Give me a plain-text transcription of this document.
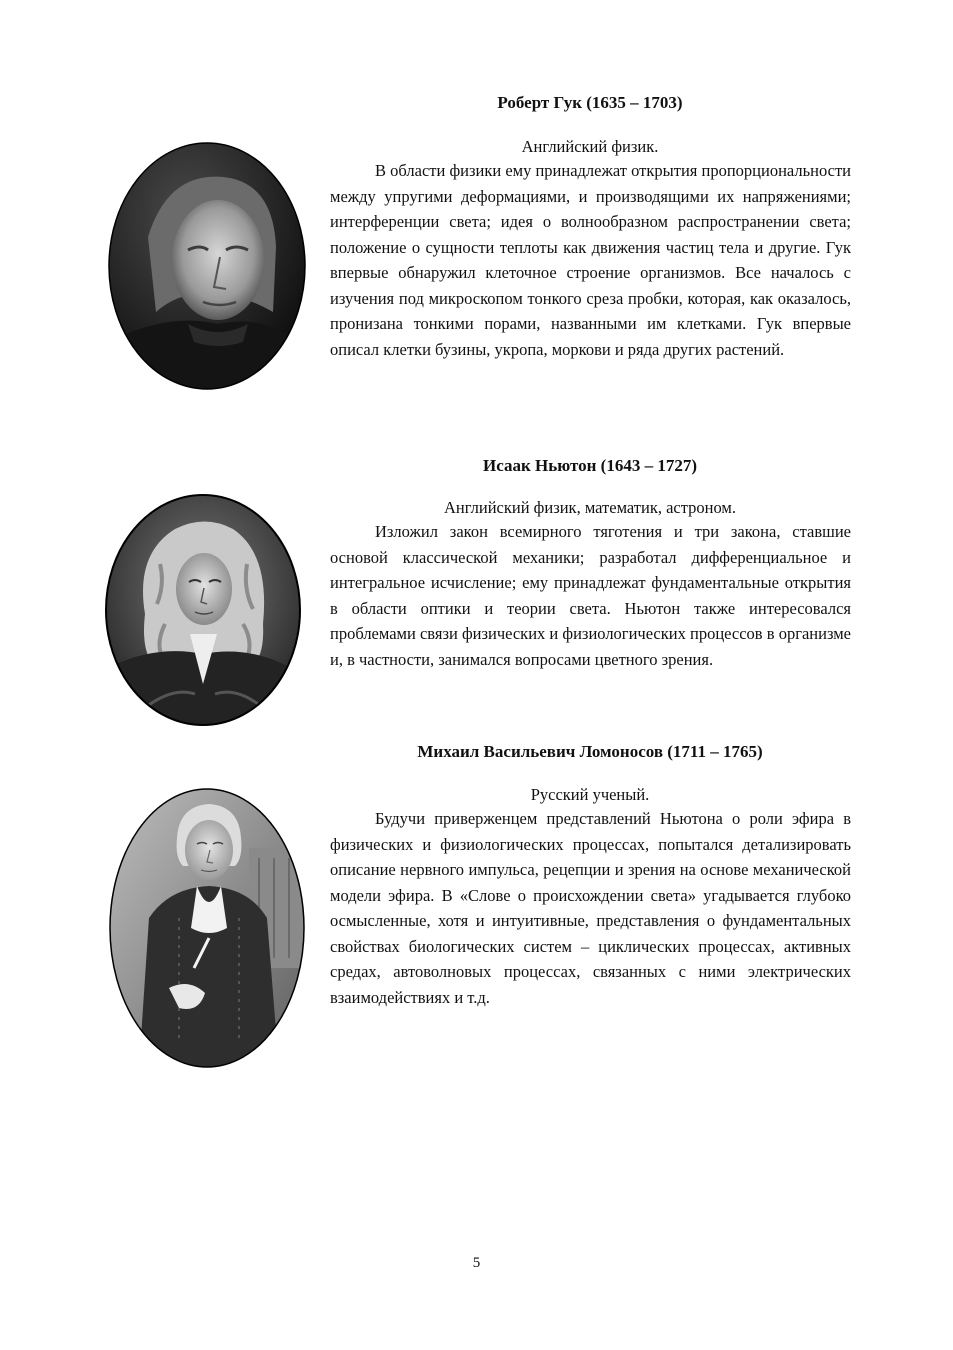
Роберт Гук (1635 – 1703)

Английский физик.

В области физики ему принадлежат открытия пропорциональности между упругими деформациями, и производящими их напряжениями; интерференции света; идея о волнообразном распространении света; положение о сущности теплоты как движения частиц тела и другие. Гук впервые обнаружил клеточное строение организмов. Все началось с изучения под микроскопом тонкого среза пробки, которая, как оказалось, пронизана тонкими порами, названными им клетками. Гук впервые описал клетки бузины, укропа, моркови и ряда других растений.

Исаак Ньютон (1643 – 1727)

Английский физик, математик, астроном.

Изложил закон всемирного тяготения и три закона, ставшие основой классической механики; разработал дифференциальное и интегральное исчисление; ему принадлежат фундаментальные открытия в области оптики и теории света. Ньютон также интересовался проблемами связи физических и физиологических процессов в организме и, в частности, занимался вопросами цветного зрения.

Михаил Васильевич Ломоносов (1711 – 1765)

Русский ученый.

Будучи приверженцем представлений Ньютона о роли эфира в физических и физиологических процессах, попытался детализировать описание нервного импульса, рецепции и зрения на основе механической модели эфира. В «Слове о происхождении света» угадывается глубоко осмысленные, хотя и интуитивные, представления о фундаментальных свойствах биологических систем – циклических процессах, активных средах, автоволновых процессах, связанных с ними электрических взаимодействиях и т.д.

5
